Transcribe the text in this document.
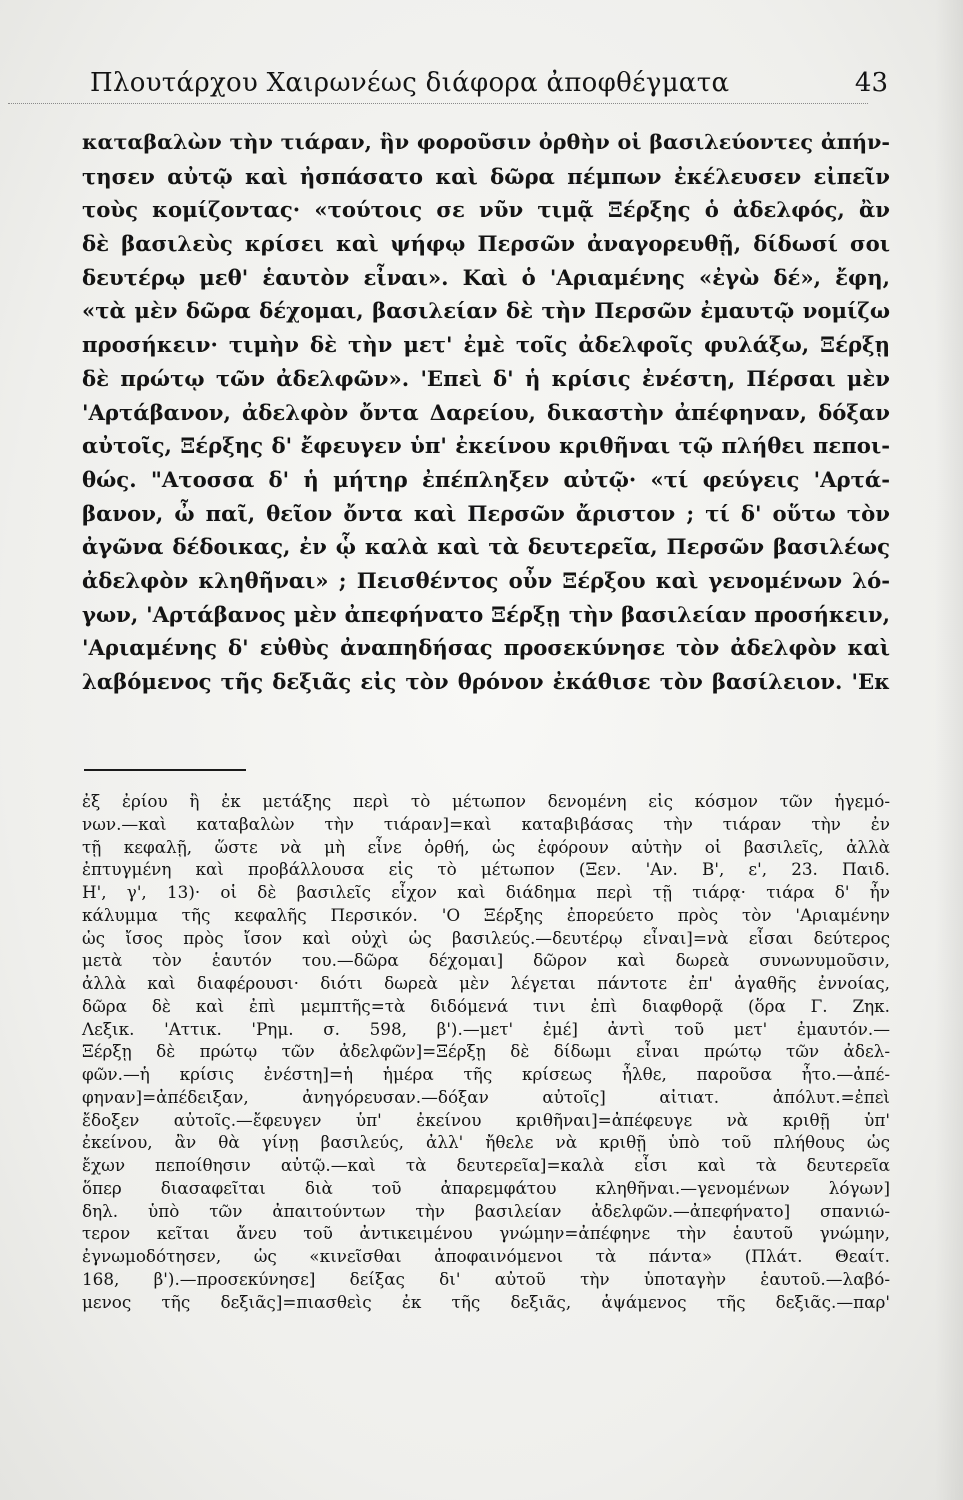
Πλουτάρχου Χαιρωνέως διάφορα ἀποφθέγματα	43
καταβαλὼν τὴν τιάραν, ἣν φοροῦσιν ὀρθὴν οἱ βασιλεύοντες ἀπήν-
τησεν αὐτῷ καὶ ἠσπάσατο καὶ δῶρα πέμπων ἐκέλευσεν εἰπεῖν
τοὺς κομίζοντας· «τούτοις σε νῦν τιμᾷ Ξέρξης ὁ ἀδελφός, ἂν
δὲ βασιλεὺς κρίσει καὶ ψήφῳ Περσῶν ἀναγορευθῇ, δίδωσί σοι
δευτέρῳ μεθ' ἑαυτὸν εἶναι». Καὶ ὁ 'Αριαμένης «ἐγὼ δέ», ἔφη,
«τὰ μὲν δῶρα δέχομαι, βασιλείαν δὲ τὴν Περσῶν ἐμαυτῷ νομίζω
προσήκειν· τιμὴν δὲ τὴν μετ' ἐμὲ τοῖς ἀδελφοῖς φυλάξω, Ξέρξῃ
δὲ πρώτῳ τῶν ἀδελφῶν». 'Επεὶ δ' ἡ κρίσις ἐνέστη, Πέρσαι μὲν
'Αρτάβανον, ἀδελφὸν ὄντα Δαρείου, δικαστὴν ἀπέφηναν, δόξαν
αὐτοῖς, Ξέρξης δ' ἔφευγεν ὑπ' ἐκείνου κριθῆναι τῷ πλήθει πεποι-
θώς. "Ατοσσα δ' ἡ μήτηρ ἐπέπληξεν αὐτῷ· «τί φεύγεις 'Αρτά-
βανον, ὦ παῖ, θεῖον ὄντα καὶ Περσῶν ἄριστον ; τί δ' οὕτω τὸν
ἀγῶνα δέδοικας, ἐν ᾧ καλὰ καὶ τὰ δευτερεῖα, Περσῶν βασιλέως
ἀδελφὸν κληθῆναι» ; Πεισθέντος οὖν Ξέρξου καὶ γενομένων λό-
γων, 'Αρτάβανος μὲν ἀπεφήνατο Ξέρξῃ τὴν βασιλείαν προσήκειν,
'Αριαμένης δ' εὐθὺς ἀναπηδήσας προσεκύνησε τὸν ἀδελφὸν καὶ
λαβόμενος τῆς δεξιᾶς εἰς τὸν θρόνον ἐκάθισε τὸν βασίλειον. 'Εκ
ἐξ ἐρίου ἢ ἐκ μετάξης περὶ τὸ μέτωπον δενομένη εἰς κόσμον τῶν ἡγεμό-
νων.—καὶ καταβαλὼν τὴν τιάραν]=καὶ καταβιβάσας τὴν τιάραν τὴν ἐν
τῇ κεφαλῇ, ὥστε νὰ μὴ εἶνε ὀρθή, ὡς ἐφόρουν αὐτὴν οἱ βασιλεῖς, ἀλλὰ
ἐπτυγμένη καὶ προβάλλουσα εἰς τὸ μέτωπον (Ξεν. 'Αν. Β', ε', 23. Παιδ.
Η', γ', 13)· οἱ δὲ βασιλεῖς εἶχον καὶ διάδημα περὶ τῇ τιάρᾳ· τιάρα δ' ἦν
κάλυμμα τῆς κεφαλῆς Περσικόν. 'Ο Ξέρξης ἐπορεύετο πρὸς τὸν 'Αριαμένην
ὡς ἴσος πρὸς ἴσον καὶ οὐχὶ ὡς βασιλεύς.—δευτέρῳ εἶναι]=νὰ εἶσαι δεύτερος
μετὰ τὸν ἑαυτόν του.—δῶρα δέχομαι] δῶρον καὶ δωρεὰ συνωνυμοῦσιν,
ἀλλὰ καὶ διαφέρουσι· διότι δωρεὰ μὲν λέγεται πάντοτε ἐπ' ἀγαθῆς ἐννοίας,
δῶρα δὲ καὶ ἐπὶ μεμπτῆς=τὰ διδόμενά τινι ἐπὶ διαφθορᾷ (ὅρα Γ. Ζηκ.
Λεξικ. 'Αττικ. 'Ρημ. σ. 598, β').—μετ' ἐμέ] ἀντὶ τοῦ μετ' ἐμαυτόν.—
Ξέρξῃ δὲ πρώτῳ τῶν ἀδελφῶν]=Ξέρξῃ δὲ δίδωμι εἶναι πρώτῳ τῶν ἀδελ-
φῶν.—ἡ κρίσις ἐνέστη]=ἡ ἡμέρα τῆς κρίσεως ἦλθε, παροῦσα ἦτο.—ἀπέ-
φηναν]=ἀπέδειξαν, ἀνηγόρευσαν.—δόξαν αὐτοῖς] αἰτιατ. ἀπόλυτ.=ἐπεὶ
ἔδοξεν αὐτοῖς.—ἔφευγεν ὑπ' ἐκείνου κριθῆναι]=ἀπέφευγε νὰ κριθῇ ὑπ'
ἐκείνου, ἂν θὰ γίνῃ βασιλεύς, ἀλλ' ἤθελε νὰ κριθῇ ὑπὸ τοῦ πλήθους ὡς
ἔχων πεποίθησιν αὐτῷ.—καὶ τὰ δευτερεῖα]=καλὰ εἶσι καὶ τὰ δευτερεῖα
ὅπερ διασαφεῖται διὰ τοῦ ἀπαρεμφάτου κληθῆναι.—γενομένων λόγων]
δηλ. ὑπὸ τῶν ἀπαιτούντων τὴν βασιλείαν ἀδελφῶν.—ἀπεφήνατο] σπανιώ-
τερον κεῖται ἄνευ τοῦ ἀντικειμένου γνώμην=ἀπέφηνε τὴν ἑαυτοῦ γνώμην,
ἐγνωμοδότησεν, ὡς «κινεῖσθαι ἀποφαινόμενοι τὰ πάντα» (Πλάτ. Θεαίτ.
168, β').—προσεκύνησε] δείξας δι' αὐτοῦ τὴν ὑποταγὴν ἑαυτοῦ.—λαβό-
μενος τῆς δεξιᾶς]=πιασθεὶς ἐκ τῆς δεξιᾶς, ἁψάμενος τῆς δεξιᾶς.—παρ'
